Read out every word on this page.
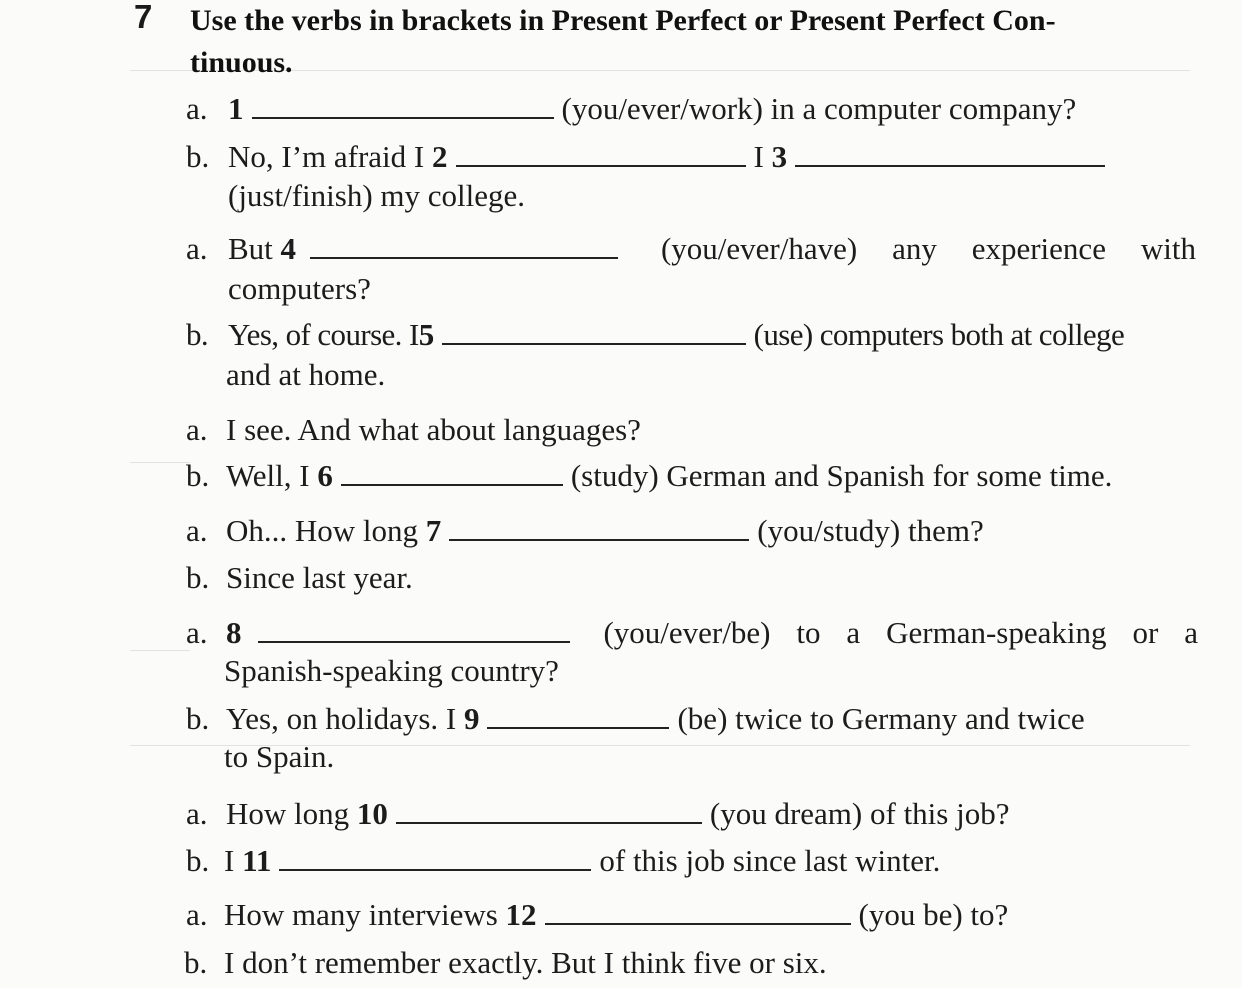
7 Use the verbs in brackets in Present Perfect or Present Perfect Con-
tinuous.
a. 1	(you/ever/work) in a computer company?
b. No, I’m afraid I 2	I 3
(just/finish) my college.
a. But 4	(you/ever/have) any experience with
computers?
b. Yes, of course. I5	(use) computers both at college
and at home.
a. I see. And what about languages?
b. Well, I 6	(study) German and Spanish for some time.
a. Oh... How long 7	(you/study) them?
b. Since last year.
a. 8	(you/ever/be) to a German-speaking or a
Spanish-speaking country?
b. Yes, on holidays. I 9	(be) twice to Germany and twice
to Spain.
a. How long 10	(you dream) of this job?
b. I 11	of this job since last winter.
a. How many interviews 12	(you be) to?
b. I don’t remember exactly. But I think five or six.
